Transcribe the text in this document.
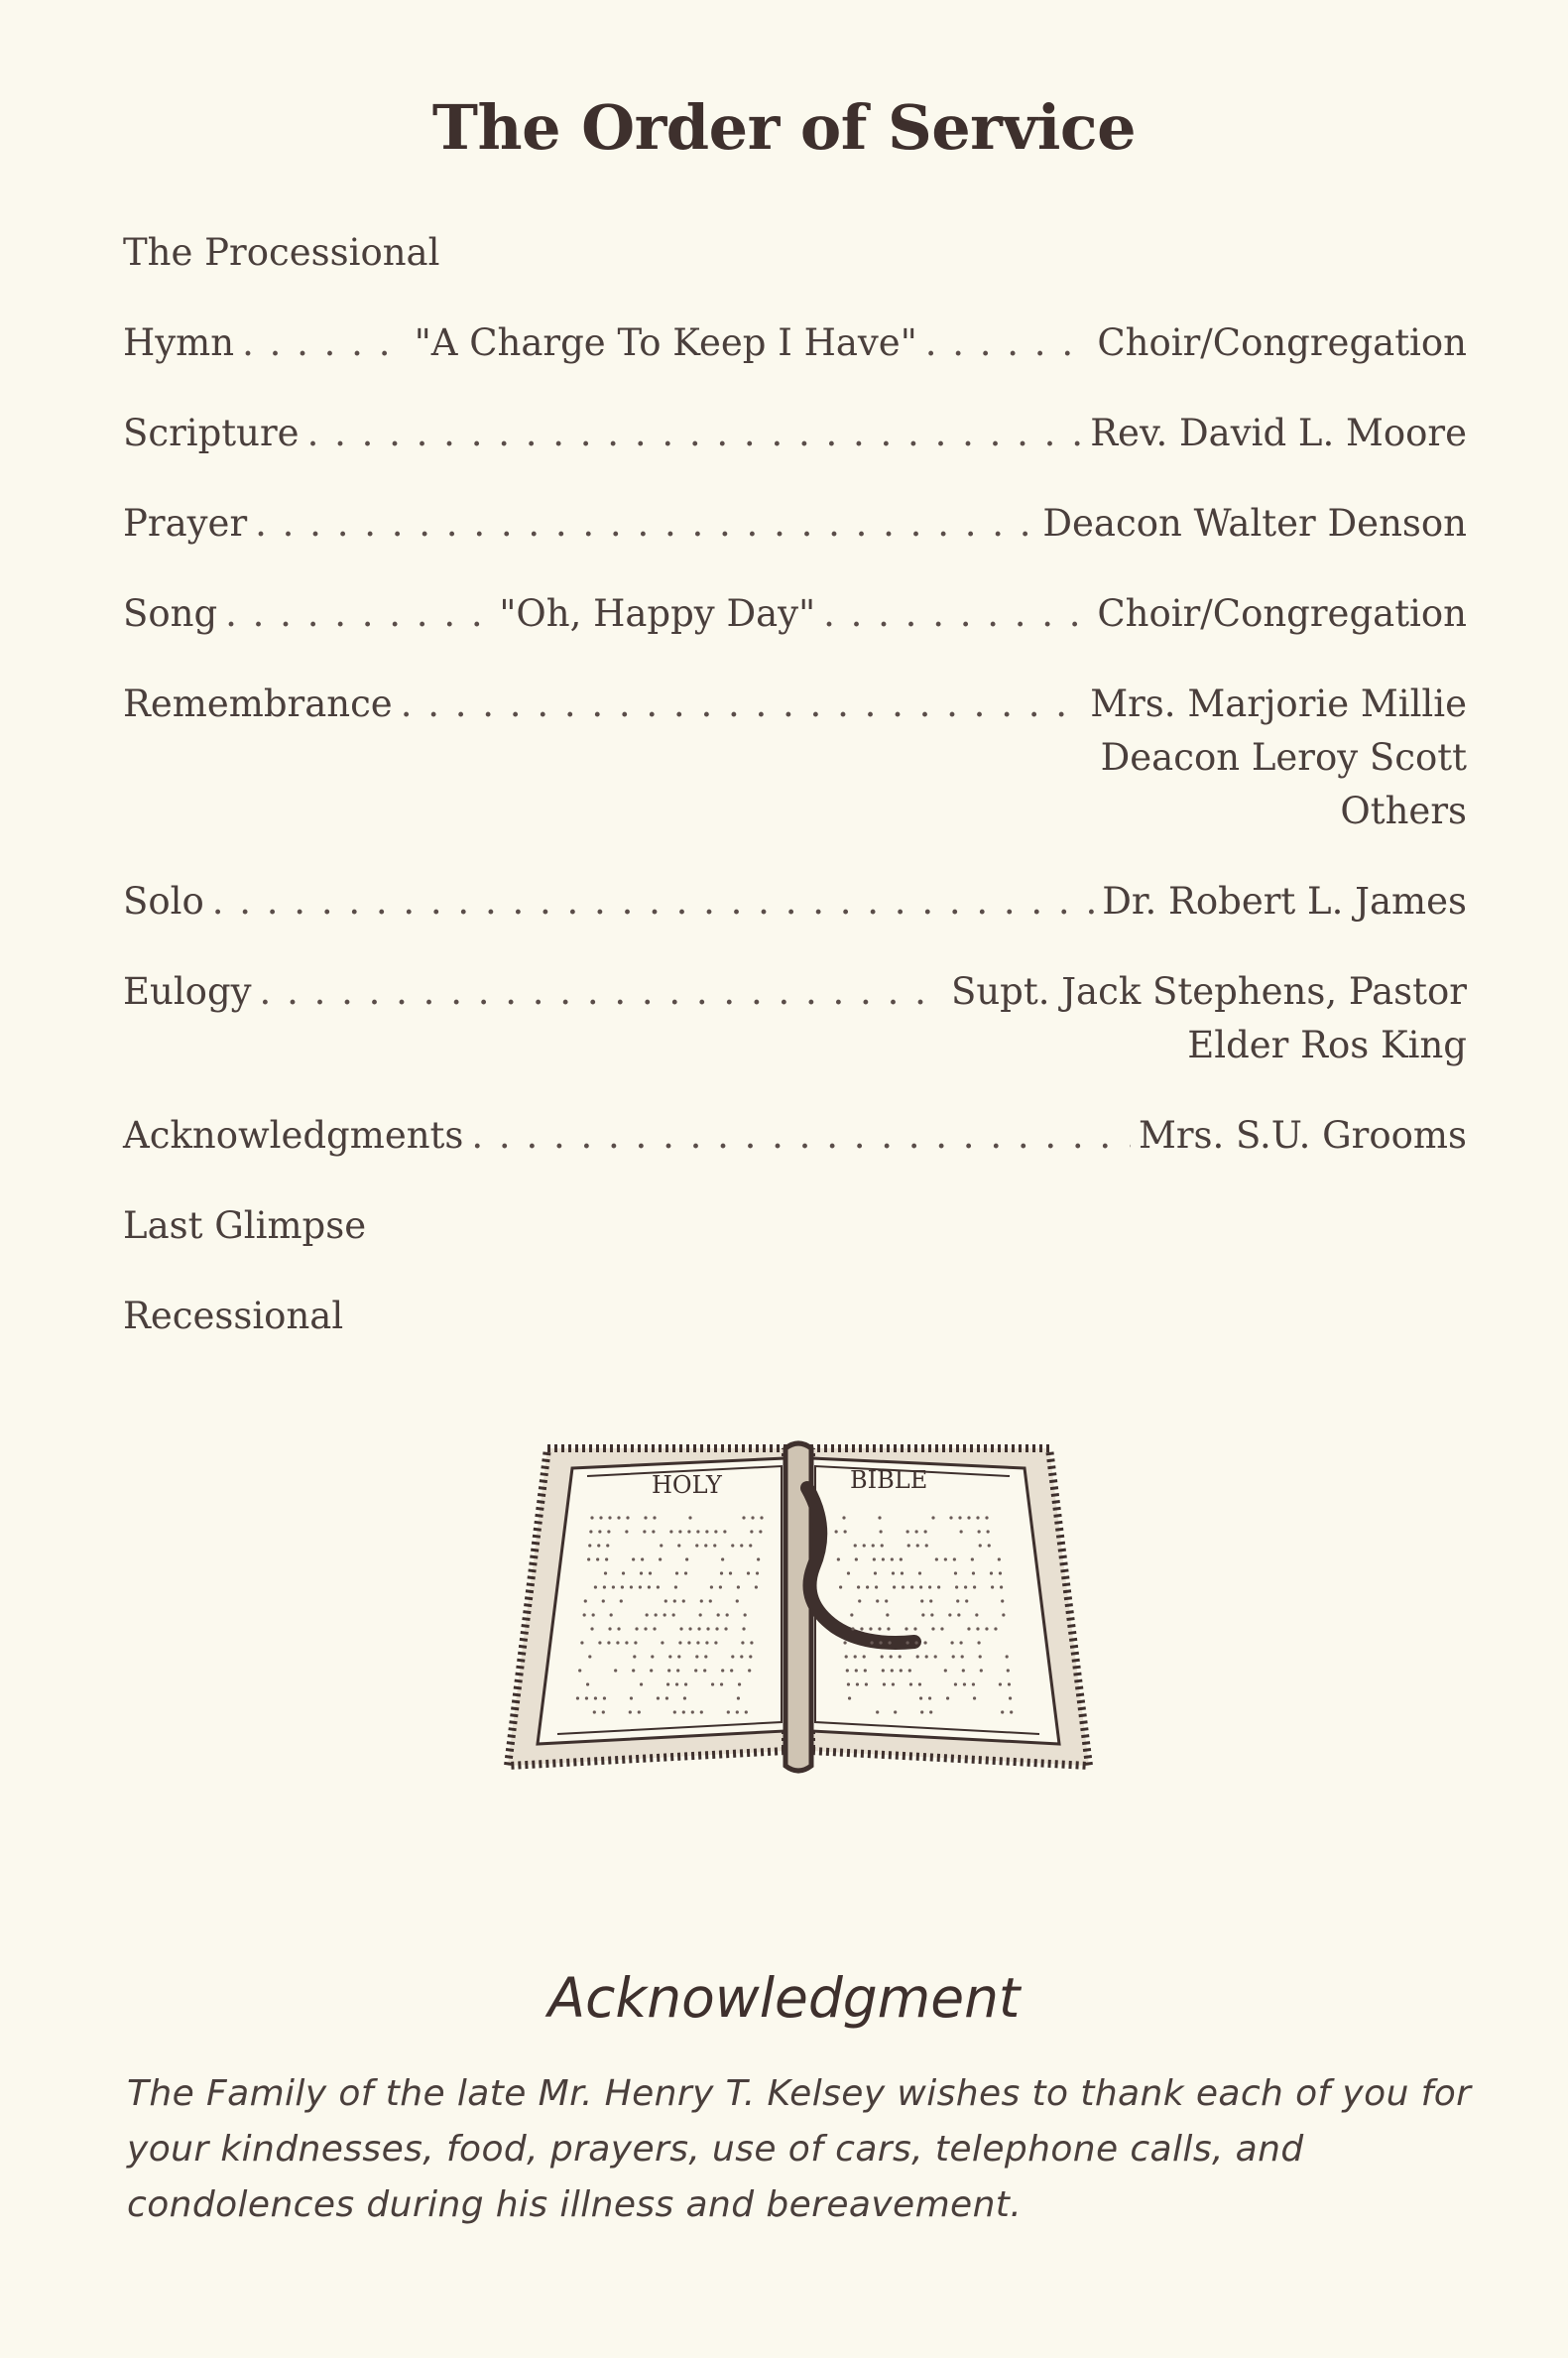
The Order of Service
The Processional
Hymn . . .	"A Charge To Keep I Have" . . .	Choir/Congregation
Scripture . . .	Rev. David L. Moore
Prayer . . .	Deacon Walter Denson
Song . . .	"Oh, Happy Day" . . .	Choir/Congregation
Remembrance . . .	Mrs. Marjorie Millie
Deacon Leroy Scott
Others
Solo . . .	Dr. Robert L. James
Eulogy . . .	Supt. Jack Stephens, Pastor
Elder Ros King
Acknowledgments . . .	Mrs. S.U. Grooms
Last Glimpse
Recessional
HOLY	BIBLE
Acknowledgment
The Family of the late Mr. Henry T. Kelsey wishes to thank each of you for your kindnesses, food, prayers, use of cars, telephone calls, and condolences during his illness and bereavement.
